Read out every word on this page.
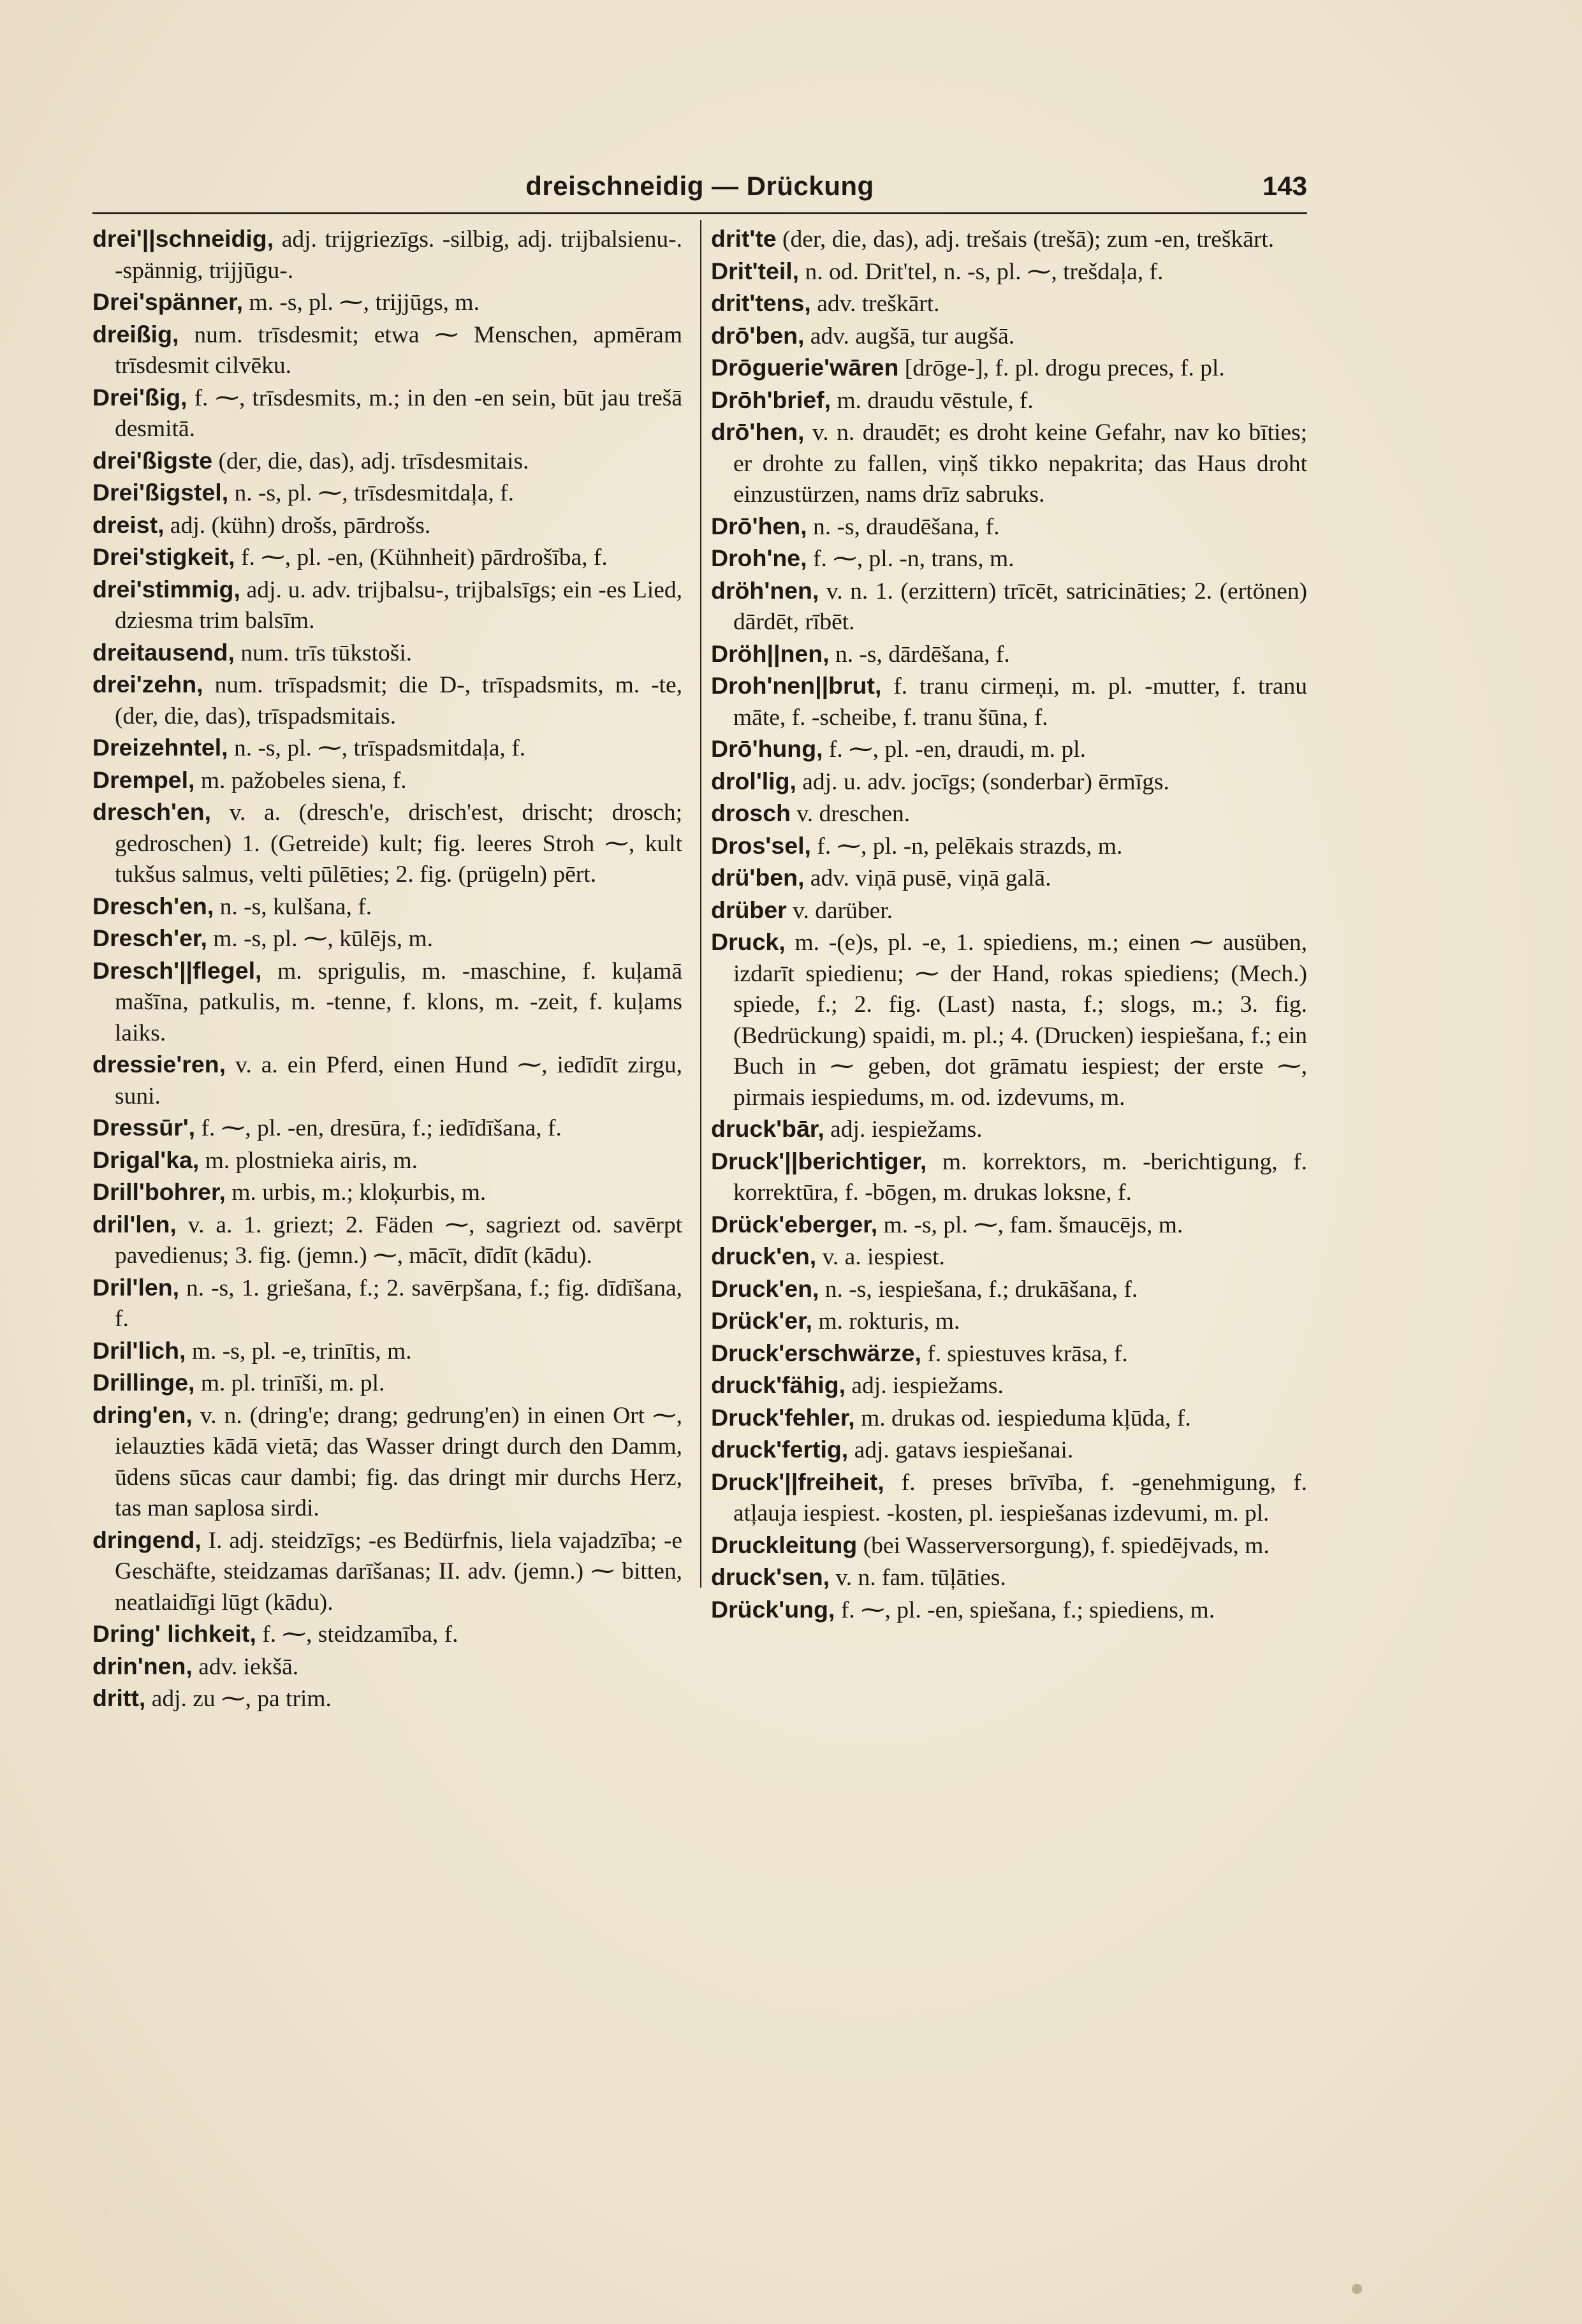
dreischneidig — Drückung	143

drei'||schneidig, adj. trijgriezīgs. -silbig, adj. trijbalsienu-. -spännig, trijjūgu-.

Drei'spänner, m. -s, pl. ⁓, trijjūgs, m.

dreißig, num. trīsdesmit; etwa ⁓ Menschen, apmēram trīsdesmit cilvēku.

Drei'ßig, f. ⁓, trīsdesmits, m.; in den -en sein, būt jau trešā desmitā.

drei'ßigste (der, die, das), adj. trīsdesmitais.

Drei'ßigstel, n. -s, pl. ⁓, trīsdesmitdaļa, f.

dreist, adj. (kühn) drošs, pārdrošs.

Drei'stigkeit, f. ⁓, pl. -en, (Kühnheit) pārdrošība, f.

drei'stimmig, adj. u. adv. trijbalsu-, trijbalsīgs; ein -es Lied, dziesma trim balsīm.

dreitausend, num. trīs tūkstoši.

drei'zehn, num. trīspadsmit; die D-, trīspadsmits, m. -te, (der, die, das), trīspadsmitais.

Dreizehntel, n. -s, pl. ⁓, trīspadsmitdaļa, f.

Drempel, m. pažobeles siena, f.

dresch'en, v. a. (dresch'e, drisch'est, drischt; drosch; gedroschen) 1. (Getreide) kult; fig. leeres Stroh ⁓, kult tukšus salmus, velti pūlēties; 2. fig. (prügeln) pērt.

Dresch'en, n. -s, kulšana, f.

Dresch'er, m. -s, pl. ⁓, kūlējs, m.

Dresch'||flegel, m. sprigulis, m. -maschine, f. kuļamā mašīna, patkulis, m. -tenne, f. klons, m. -zeit, f. kuļams laiks.

dressie'ren, v. a. ein Pferd, einen Hund ⁓, iedīdīt zirgu, suni.

Dressūr', f. ⁓, pl. -en, dresūra, f.; iedīdīšana, f.

Drigal'ka, m. plostnieka airis, m.

Drill'bohrer, m. urbis, m.; kloķurbis, m.

dril'len, v. a. 1. griezt; 2. Fäden ⁓, sagriezt od. savērpt pavedienus; 3. fig. (jemn.) ⁓, mācīt, dīdīt (kādu).

Dril'len, n. -s, 1. griešana, f.; 2. savērpšana, f.; fig. dīdīšana, f.

Dril'lich, m. -s, pl. -e, trinītis, m.

Drillinge, m. pl. trinīši, m. pl.

dring'en, v. n. (dring'e; drang; gedrung'en) in einen Ort ⁓, ielauzties kādā vietā; das Wasser dringt durch den Damm, ūdens sūcas caur dambi; fig. das dringt mir durchs Herz, tas man saplosa sirdi.

dringend, I. adj. steidzīgs; -es Bedürfnis, liela vajadzība; -e Geschäfte, steidzamas darīšanas; II. adv. (jemn.) ⁓ bitten, neatlaidīgi lūgt (kādu).

Dring' lichkeit, f. ⁓, steidzamība, f.

drin'nen, adv. iekšā.

dritt, adj. zu ⁓, pa trim.

drit'te (der, die, das), adj. trešais (trešā); zum -en, treškārt.

Drit'teil, n. od. Drit'tel, n. -s, pl. ⁓, trešdaļa, f.

drit'tens, adv. treškārt.

drō'ben, adv. augšā, tur augšā.

Drōguerie'wāren [drōge-], f. pl. drogu preces, f. pl.

Drōh'brief, m. draudu vēstule, f.

drō'hen, v. n. draudēt; es droht keine Gefahr, nav ko bīties; er drohte zu fallen, viņš tikko nepakrita; das Haus droht einzustürzen, nams drīz sabruks.

Drō'hen, n. -s, draudēšana, f.

Droh'ne, f. ⁓, pl. -n, trans, m.

dröh'nen, v. n. 1. (erzittern) trīcēt, satricināties; 2. (ertönen) dārdēt, rībēt.

Dröh||nen, n. -s, dārdēšana, f.

Droh'nen||brut, f. tranu cirmeņi, m. pl. -mutter, f. tranu māte, f. -scheibe, f. tranu šūna, f.

Drō'hung, f. ⁓, pl. -en, draudi, m. pl.

drol'lig, adj. u. adv. jocīgs; (sonderbar) ērmīgs.

drosch v. dreschen.

Dros'sel, f. ⁓, pl. -n, pelēkais strazds, m.

drü'ben, adv. viņā pusē, viņā galā.

drüber v. darüber.

Druck, m. -(e)s, pl. -e, 1. spiediens, m.; einen ⁓ ausüben, izdarīt spiedienu; ⁓ der Hand, rokas spiediens; (Mech.) spiede, f.; 2. fig. (Last) nasta, f.; slogs, m.; 3. fig. (Bedrückung) spaidi, m. pl.; 4. (Drucken) iespiešana, f.; ein Buch in ⁓ geben, dot grāmatu iespiest; der erste ⁓, pirmais iespiedums, m. od. izdevums, m.

druck'bār, adj. iespiežams.

Druck'||berichtiger, m. korrektors, m. -berichtigung, f. korrektūra, f. -bōgen, m. drukas loksne, f.

Drück'eberger, m. -s, pl. ⁓, fam. šmaucējs, m.

druck'en, v. a. iespiest.

Druck'en, n. -s, iespiešana, f.; drukāšana, f.

Drück'er, m. rokturis, m.

Druck'erschwärze, f. spiestuves krāsa, f.

druck'fähig, adj. iespiežams.

Druck'fehler, m. drukas od. iespieduma kļūda, f.

druck'fertig, adj. gatavs iespiešanai.

Druck'||freiheit, f. preses brīvība, f. -genehmigung, f. atļauja iespiest. -kosten, pl. iespiešanas izdevumi, m. pl.

Druckleitung (bei Wasserversorgung), f. spiedējvads, m.

druck'sen, v. n. fam. tūļāties.

Drück'ung, f. ⁓, pl. -en, spiešana, f.; spiediens, m.
